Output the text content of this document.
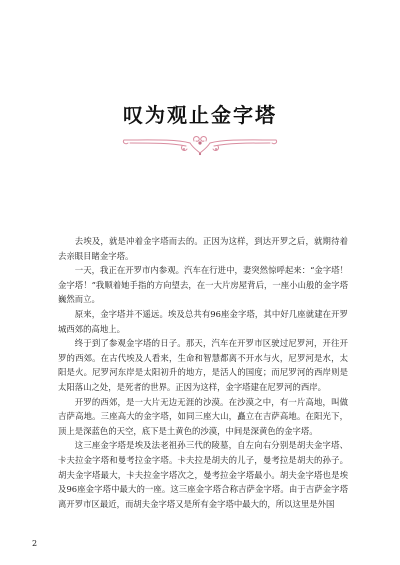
叹为观止金字塔

去埃及，就是冲着金字塔而去的。正因为这样，到达开罗之后，就期待着去亲眼目睹金字塔。

一天，我正在开罗市内参观。汽车在行进中，妻突然惊呼起来：“金字塔！金字塔！”我顺着她手指的方向望去，在一大片房屋背后，一座小山般的金字塔巍然而立。

原来，金字塔并不遥远。埃及总共有96座金字塔，其中好几座就建在开罗城西郊的高地上。

终于到了参观金字塔的日子。那天，汽车在开罗市区驶过尼罗河，开往开罗的西郊。在古代埃及人看来，生命和智慧都离不开水与火，尼罗河是水，太阳是火。尼罗河东岸是太阳初升的地方，是活人的国度；而尼罗河的西岸则是太阳落山之处，是死者的世界。正因为这样，金字塔建在尼罗河的西岸。

开罗的西郊，是一大片无边无涯的沙漠。在沙漠之中，有一片高地，叫做吉萨高地。三座高大的金字塔，如同三座大山，矗立在吉萨高地。在阳光下，顶上是深蓝色的天空，底下是土黄色的沙漠，中间是深黄色的金字塔。

这三座金字塔是埃及法老祖孙三代的陵墓，自左向右分别是胡夫金字塔、卡夫拉金字塔和曼考拉金字塔。卡夫拉是胡夫的儿子，曼考拉是胡夫的孙子。胡夫金字塔最大，卡夫拉金字塔次之，曼考拉金字塔最小。胡夫金字塔也是埃及96座金字塔中最大的一座。这三座金字塔合称吉萨金字塔。由于吉萨金字塔离开罗市区最近，而胡夫金字塔又是所有金字塔中最大的，所以这里是外国

2
